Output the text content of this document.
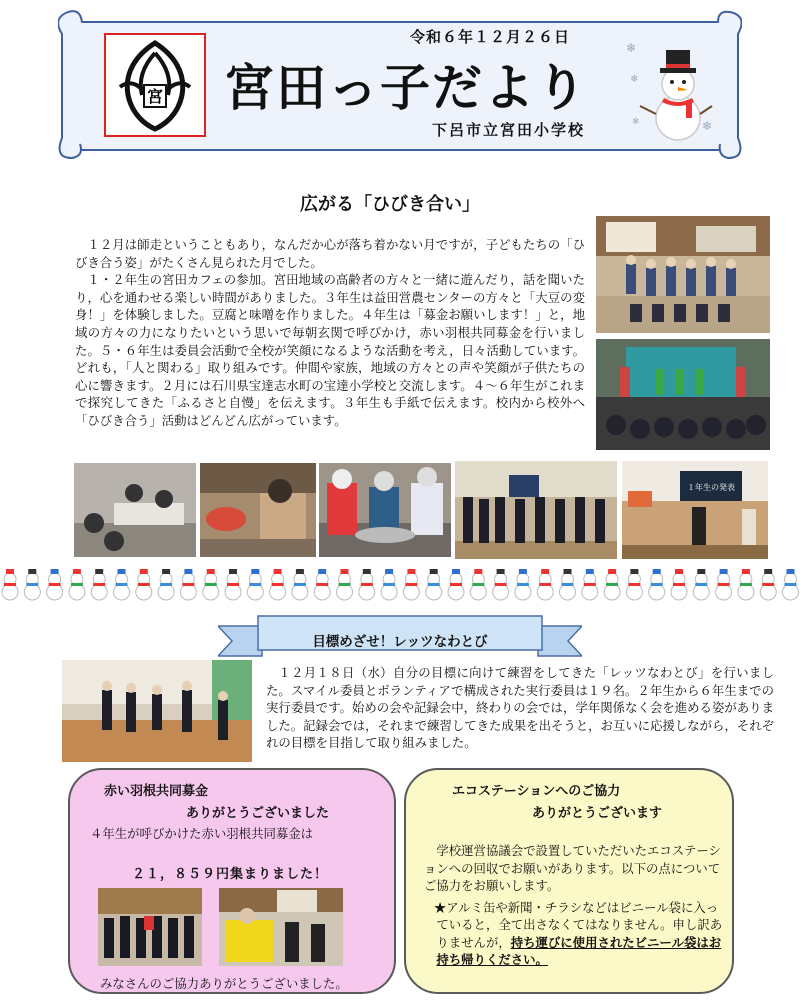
宮
令和６年１２月２６日
宮田っ子だより
下呂市立宮田小学校
❄
❄
❄
❄
広がる「ひびき合い」

１２月は師走ということもあり，なんだか心が落ち着かない月ですが，子どもたちの「ひびき合う姿」がたくさん見られた月でした。

１・２年生の宮田カフェの参加。宮田地域の高齢者の方々と一緒に遊んだり，話を聞いたり，心を通わせる楽しい時間がありました。３年生は益田営農センターの方々と「大豆の変身！」を体験しました。豆腐と味噌を作りました。４年生は「募金お願いします！」と，地域の方々の力になりたいという思いで毎朝玄関で呼びかけ，赤い羽根共同募金を行いました。５・６年生は委員会活動で全校が笑顔になるような活動を考え，日々活動しています。どれも，「人と関わる」取り組みです。仲間や家族，地域の方々との声や笑顔が子供たちの心に響きます。２月には石川県宝達志水町の宝達小学校と交流します。４～６年生がこれまで探究してきた「ふるさと自慢」を伝えます。３年生も手紙で伝えます。校内から校外へ「ひびき合う」活動はどんどん広がっています。

１年生の発表
目標めざせ！レッツなわとび

１２月１８日（水）自分の目標に向けて練習をしてきた「レッツなわとび」を行いました。スマイル委員とボランティアで構成された実行委員は１９名。２年生から６年生までの実行委員です。始めの会や記録会中，終わりの会では，学年関係なく会を進める姿がありました。記録会では，それまで練習してきた成果を出そうと，お互いに応援しながら，それぞれの目標を目指して取り組みました。

赤い羽根共同募金
ありがとうございました
４年生が呼びかけた赤い羽根共同募金は
２１，８５９円集まりました！
みなさんのご協力ありがとうございました。
エコステーションへのご協力
ありがとうございます

学校運営協議会で設置していただいたエコステーションへの回収でお願いがあります。以下の点についてご協力をお願いします。

★アルミ缶や新聞・チラシなどはビニール袋に入っていると，全て出さなくてはなりません。申し訳ありませんが，持ち運びに使用されたビニール袋はお持ち帰りください。
